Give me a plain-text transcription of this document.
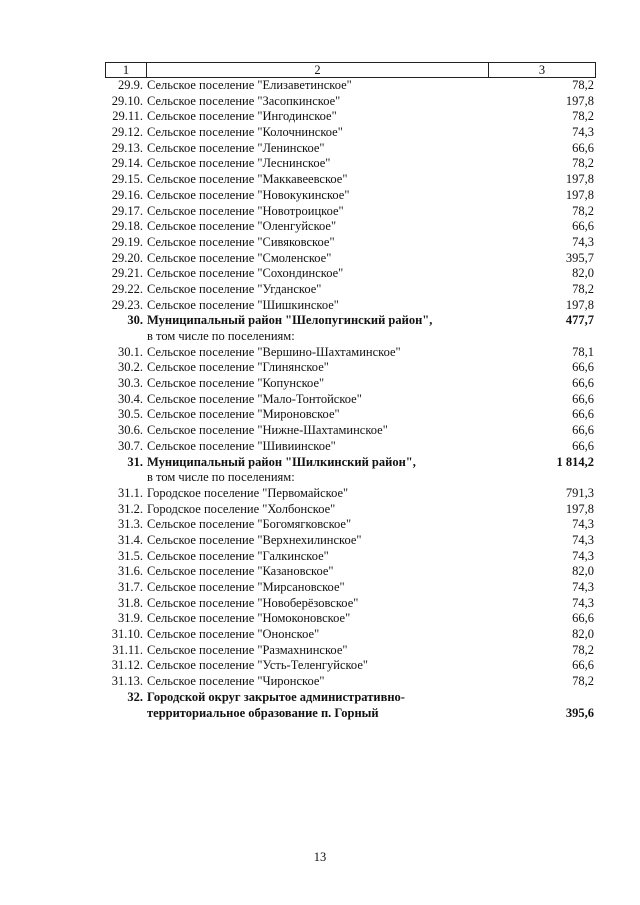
1	2	3
29.9. Сельское поселение "Елизаветинское"	78,2
29.10. Сельское поселение "Засопкинское"	197,8
29.11. Сельское поселение "Ингодинское"	78,2
29.12. Сельское поселение "Колочнинское"	74,3
29.13. Сельское поселение "Ленинское"	66,6
29.14. Сельское поселение "Леснинское"	78,2
29.15. Сельское поселение "Маккавеевское"	197,8
29.16. Сельское поселение "Новокукинское"	197,8
29.17. Сельское поселение "Новотроицкое"	78,2
29.18. Сельское поселение "Оленгуйское"	66,6
29.19. Сельское поселение "Сивяковское"	74,3
29.20. Сельское поселение "Смоленское"	395,7
29.21. Сельское поселение "Сохондинское"	82,0
29.22. Сельское поселение "Угданское"	78,2
29.23. Сельское поселение "Шишкинское"	197,8
30. Муниципальный район "Шелопугинский район",	477,7
в том числе по поселениям:
30.1. Сельское поселение "Вершино-Шахтаминское"	78,1
30.2. Сельское поселение "Глинянское"	66,6
30.3. Сельское поселение "Копунское"	66,6
30.4. Сельское поселение "Мало-Тонтойское"	66,6
30.5. Сельское поселение "Мироновское"	66,6
30.6. Сельское поселение "Нижне-Шахтаминское"	66,6
30.7. Сельское поселение "Шивиинское"	66,6
31. Муниципальный район "Шилкинский район",	1 814,2
в том числе по поселениям:
31.1. Городское поселение "Первомайское"	791,3
31.2. Городское поселение "Холбонское"	197,8
31.3. Сельское поселение "Богомягковское"	74,3
31.4. Сельское поселение "Верхнехилинское"	74,3
31.5. Сельское поселение "Галкинское"	74,3
31.6. Сельское поселение "Казановское"	82,0
31.7. Сельское поселение "Мирсановское"	74,3
31.8. Сельское поселение "Новоберёзовское"	74,3
31.9. Сельское поселение "Номоконовское"	66,6
31.10. Сельское поселение "Ононское"	82,0
31.11. Сельское поселение "Размахнинское"	78,2
31.12. Сельское поселение "Усть-Теленгуйское"	66,6
31.13. Сельское поселение "Чиронское"	78,2
32. Городской округ закрытое административно-
территориальное образование п. Горный	395,6
13
